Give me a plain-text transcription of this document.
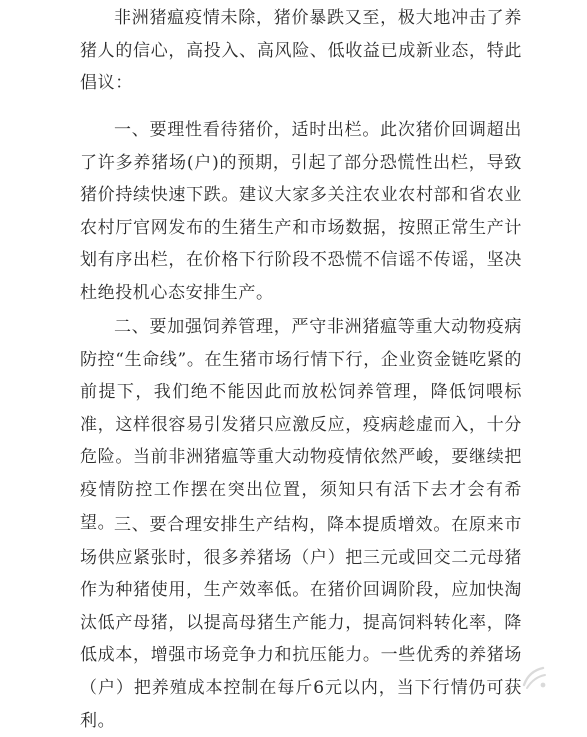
非洲猪瘟疫情未除，猪价暴跌又至，极大地冲击了养猪人的信心，高投入、高风险、低收益已成新业态，特此倡议：

一、要理性看待猪价，适时出栏。此次猪价回调超出了许多养猪场(户)的预期，引起了部分恐慌性出栏，导致猪价持续快速下跌。建议大家多关注农业农村部和省农业农村厅官网发布的生猪生产和市场数据，按照正常生产计划有序出栏，在价格下行阶段不恐慌不信谣不传谣，坚决杜绝投机心态安排生产。

二、要加强饲养管理，严守非洲猪瘟等重大动物疫病防控“生命线”。在生猪市场行情下行，企业资金链吃紧的前提下，我们绝不能因此而放松饲养管理，降低饲喂标准，这样很容易引发猪只应激反应，疫病趁虚而入，十分危险。当前非洲猪瘟等重大动物疫情依然严峻，要继续把疫情防控工作摆在突出位置，须知只有活下去才会有希望。

三、要合理安排生产结构，降本提质增效。在原来市场供应紧张时，很多养猪场（户）把三元或回交二元母猪作为种猪使用，生产效率低。在猪价回调阶段，应加快淘汰低产母猪，以提高母猪生产能力，提高饲料转化率，降低成本，增强市场竞争力和抗压能力。一些优秀的养猪场（户）把养殖成本控制在每斤6元以内，当下行情仍可获利。
